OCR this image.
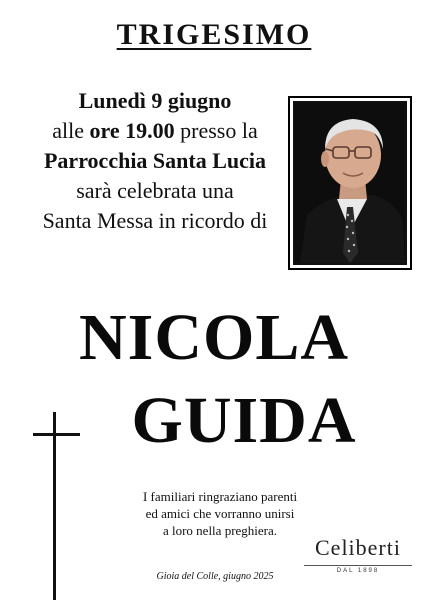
TRIGESIMO
Lunedì 9 giugno
alle ore 19.00 presso la
Parrocchia Santa Lucia
sarà celebrata una
Santa Messa in ricordo di
NICOLA
GUIDA
I familiari ringraziano parenti
ed amici che vorranno unirsi
a loro nella preghiera.
Gioia del Colle, giugno 2025
Celiberti
DAL 1898
